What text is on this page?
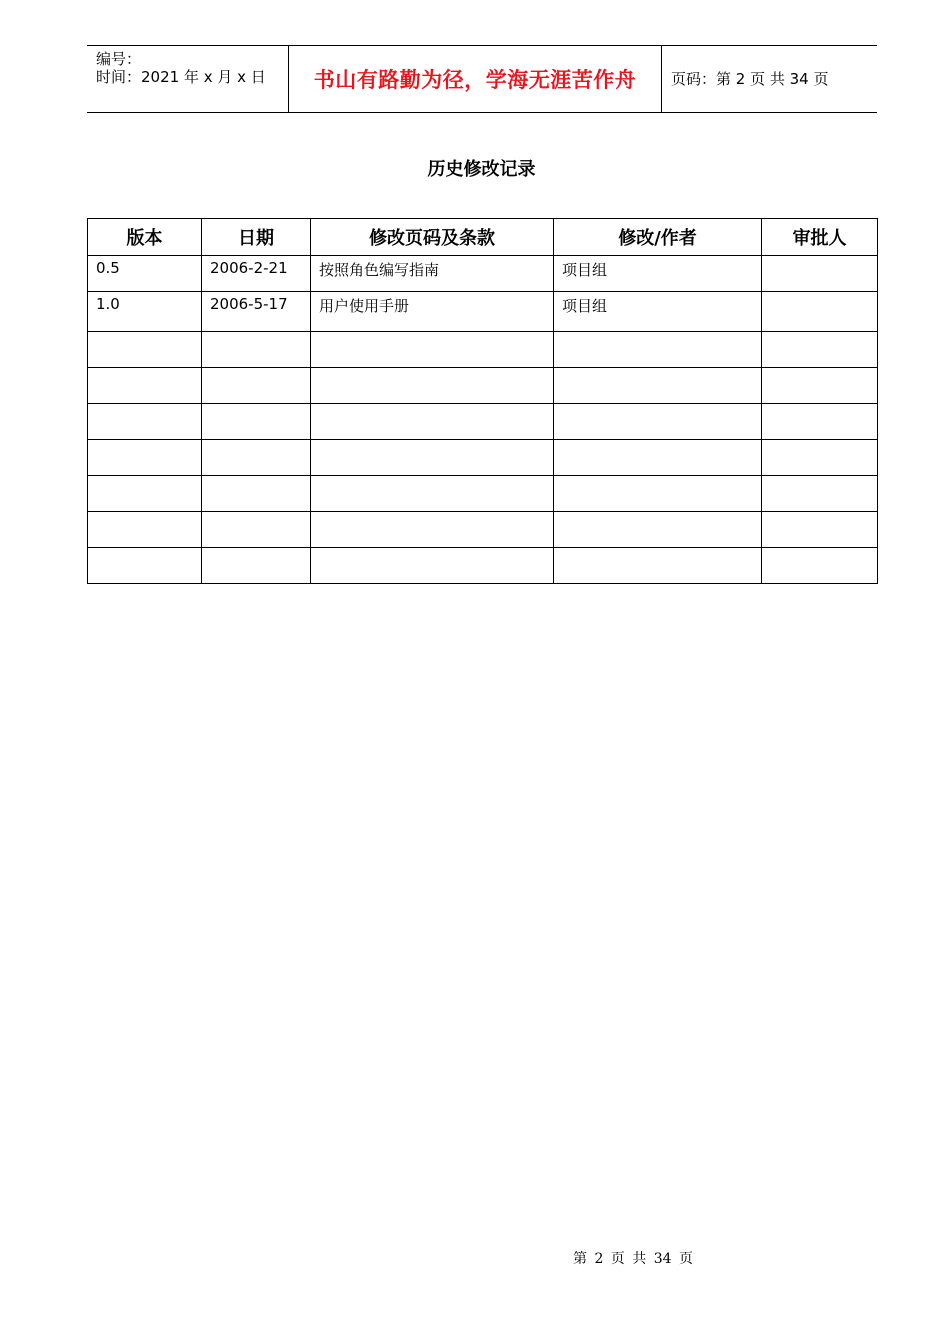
编号：
时间：2021 年 x 月 x 日 书山有路勤为径，学海无涯苦作舟 页码：第 2 页 共 34 页
历史修改记录
版本	日期	修改页码及条款	修改/作者	审批人
0.5	2006-2-21	按照角色编写指南	项目组	
1.0	2006-5-17	用户使用手册	项目组	

第 2 页 共 34 页
